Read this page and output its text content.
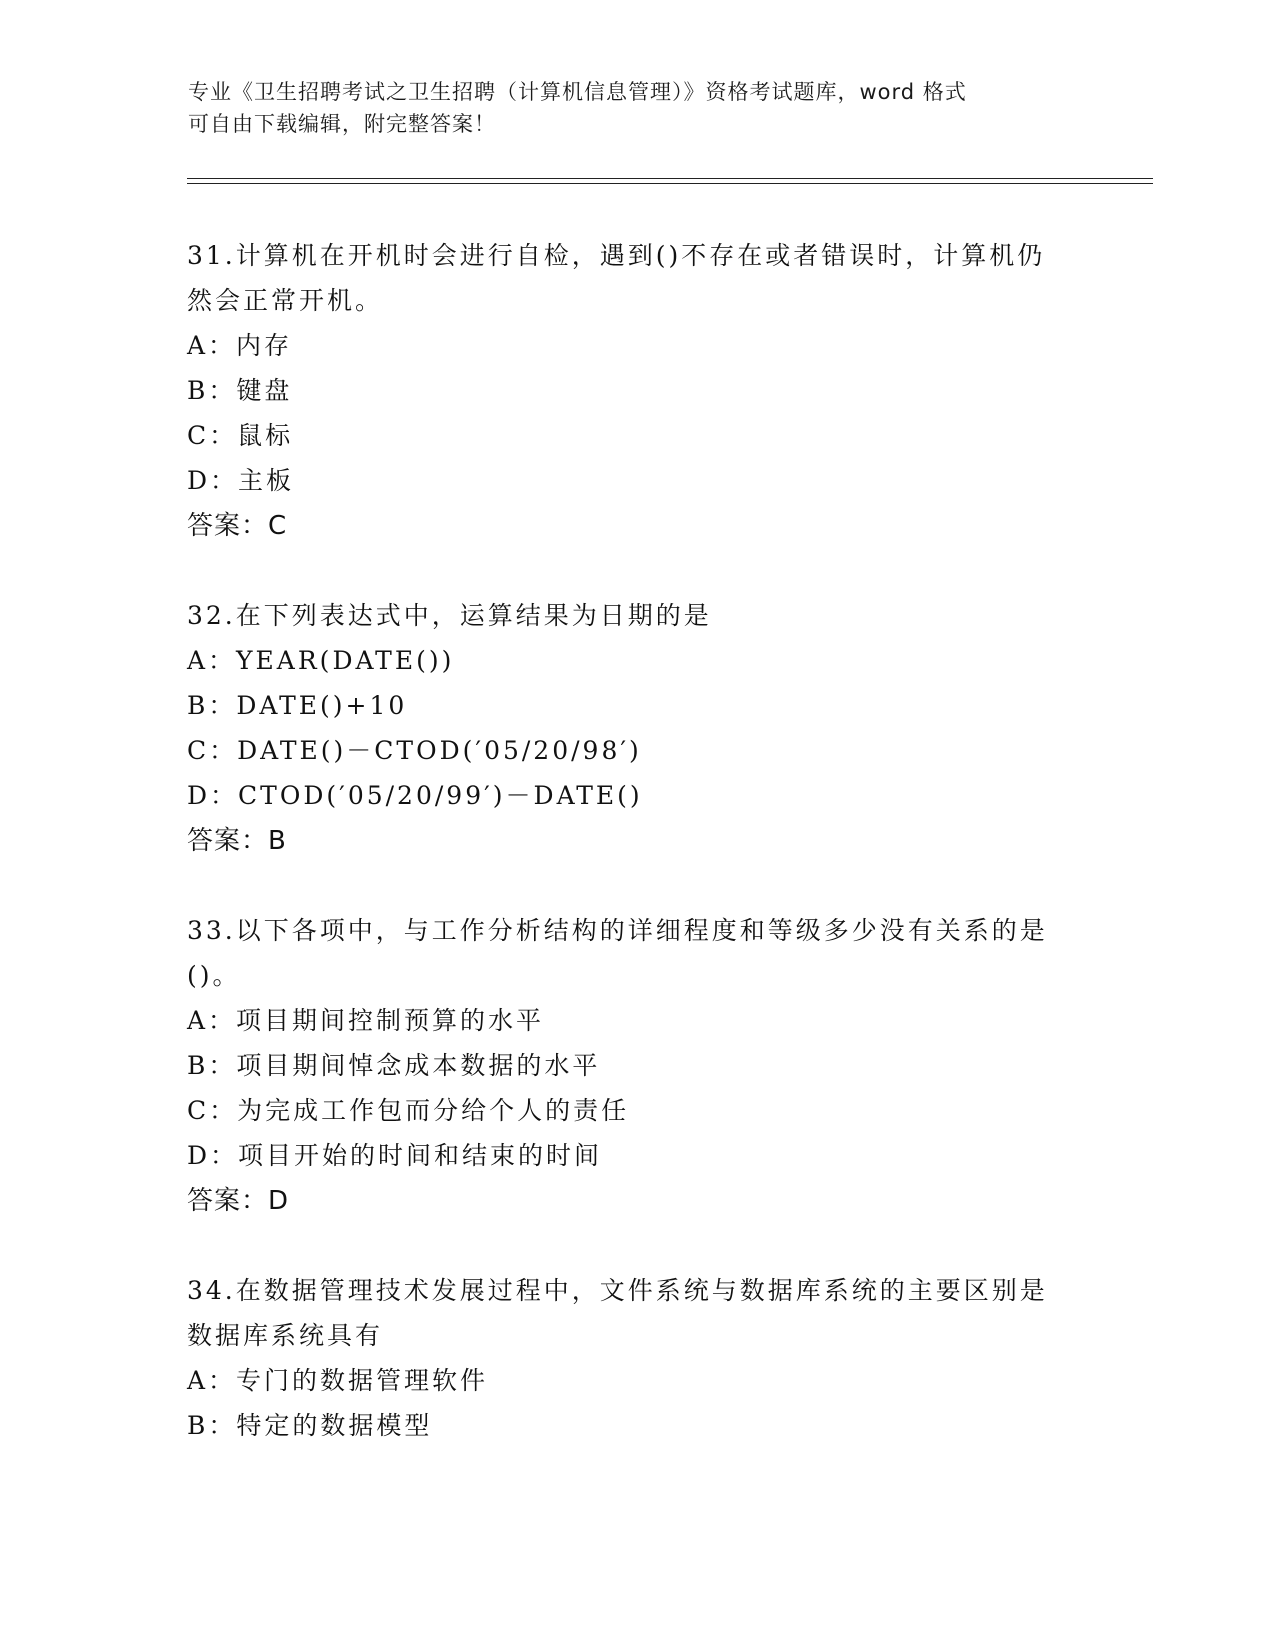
专业《卫生招聘考试之卫生招聘（计算机信息管理）》资格考试题库，word 格式
可自由下载编辑，附完整答案！
31.计算机在开机时会进行自检，遇到()不存在或者错误时，计算机仍
然会正常开机。
A：内存
B：键盘
C：鼠标
D：主板
答案：C
32.在下列表达式中，运算结果为日期的是
A：YEAR(DATE())
B：DATE()+10
C：DATE()－CTOD(′05/20/98′)
D：CTOD(′05/20/99′)－DATE()
答案：B
33.以下各项中，与工作分析结构的详细程度和等级多少没有关系的是
()。
A：项目期间控制预算的水平
B：项目期间悼念成本数据的水平
C：为完成工作包而分给个人的责任
D：项目开始的时间和结束的时间
答案：D
34.在数据管理技术发展过程中，文件系统与数据库系统的主要区别是
数据库系统具有
A：专门的数据管理软件
B：特定的数据模型
